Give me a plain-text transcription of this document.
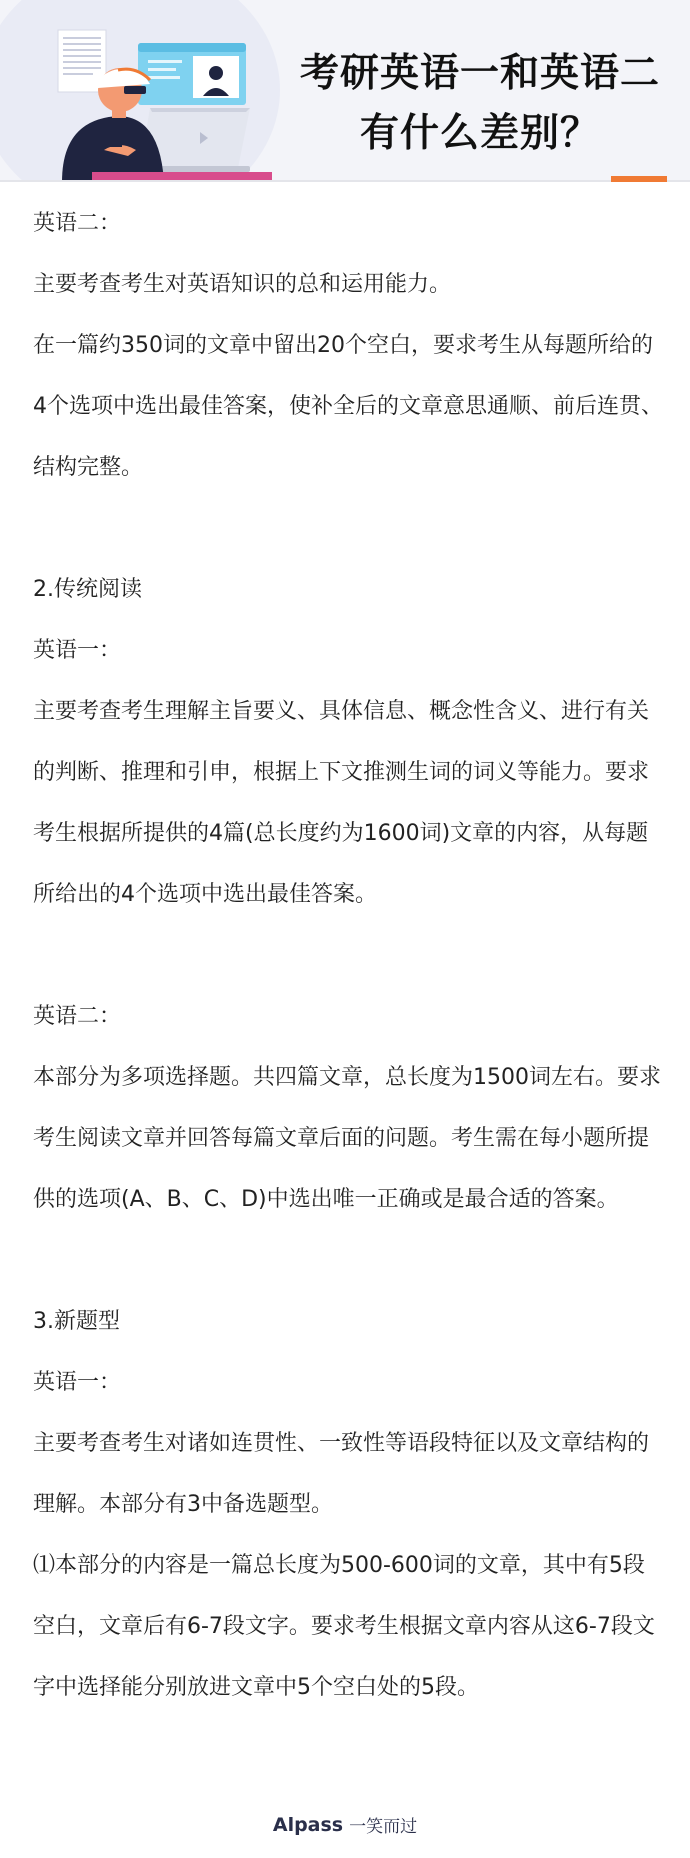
考研英语一和英语二
有什么差别？

英语二：

主要考查考生对英语知识的总和运用能力。

在一篇约350词的文章中留出20个空白，要求考生从每题所给的4个选项中选出最佳答案，使补全后的文章意思通顺、前后连贯、结构完整。

2.传统阅读

英语一：

主要考查考生理解主旨要义、具体信息、概念性含义、进行有关的判断、推理和引申，根据上下文推测生词的词义等能力。要求考生根据所提供的4篇(总长度约为1600词)文章的内容，从每题所给出的4个选项中选出最佳答案。

英语二：

本部分为多项选择题。共四篇文章，总长度为1500词左右。要求考生阅读文章并回答每篇文章后面的问题。考生需在每小题所提供的选项(A、B、C、D)中选出唯一正确或是最合适的答案。

3.新题型

英语一：

主要考查考生对诸如连贯性、一致性等语段特征以及文章结构的理解。本部分有3中备选题型。

⑴本部分的内容是一篇总长度为500-600词的文章，其中有5段空白，文章后有6-7段文字。要求考生根据文章内容从这6-7段文字中选择能分别放进文章中5个空白处的5段。

Alpass 一笑而过
